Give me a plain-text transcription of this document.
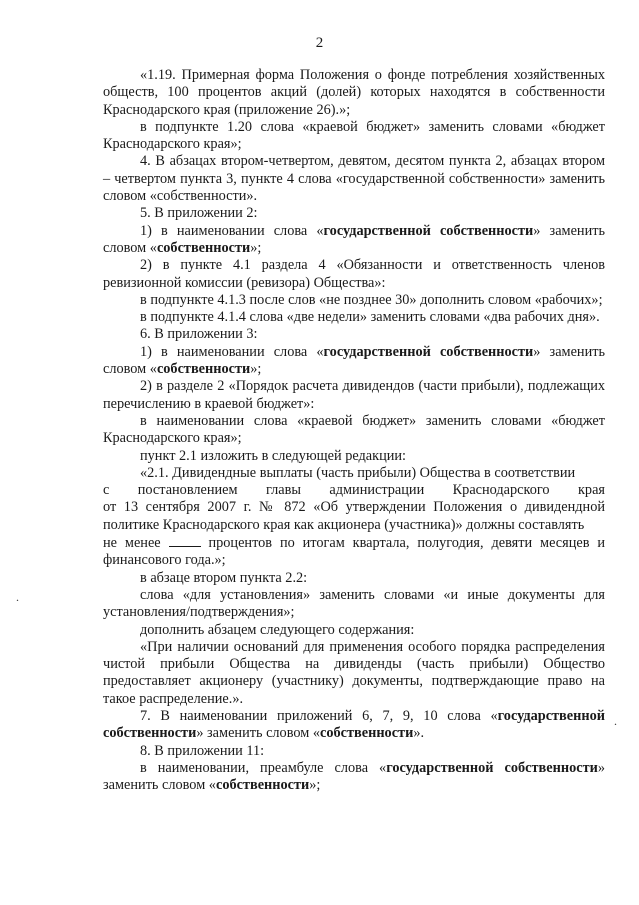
2

«1.19. Примерная форма Положения о фонде потребления хозяйственных обществ, 100 процентов акций (долей) которых находятся в собственности Краснодарского края (приложение 26).»;

в подпункте 1.20 слова «краевой бюджет» заменить словами «бюджет Краснодарского края»;

4. В абзацах втором-четвертом, девятом, десятом пункта 2, абзацах втором – четвертом пункта 3, пункте 4 слова «государственной собственности» заменить словом «собственности».

5. В приложении 2:

1) в наименовании слова «государственной собственности» заменить словом «собственности»;

2) в пункте 4.1 раздела 4 «Обязанности и ответственность членов ревизионной комиссии (ревизора) Общества»:

в подпункте 4.1.3 после слов «не позднее 30» дополнить словом «рабочих»;

в подпункте 4.1.4 слова «две недели» заменить словами «два рабочих дня».

6. В приложении 3:

1) в наименовании слова «государственной собственности» заменить словом «собственности»;

2) в разделе 2 «Порядок расчета дивидендов (части прибыли), подлежащих перечислению в краевой бюджет»:

в наименовании слова «краевой бюджет» заменить словами «бюджет Краснодарского края»;

пункт 2.1 изложить в следующей редакции:

«2.1. Дивидендные выплаты (часть прибыли) Общества в соответствии

с постановлением главы администрации Краснодарского края

от 13 сентября 2007 г. № 872 «Об утверждении Положения о дивидендной политике Краснодарского края как акционера (участника)» должны составлять

не менее	процентов по итогам квартала, полугодия, девяти месяцев и финансового года.»;

в абзаце втором пункта 2.2:

слова «для установления» заменить словами «и иные документы для установления/подтверждения»;

дополнить абзацем следующего содержания:

«При наличии оснований для применения особого порядка распределения чистой прибыли Общества на дивиденды (часть прибыли) Общество предоставляет акционеру (участнику) документы, подтверждающие право на такое распределение.».

7. В наименовании приложений 6, 7, 9, 10 слова «государственной собственности» заменить словом «собственности».

8. В приложении 11:

в наименовании, преамбуле слова «государственной собственности» заменить словом «собственности»;

.
.
